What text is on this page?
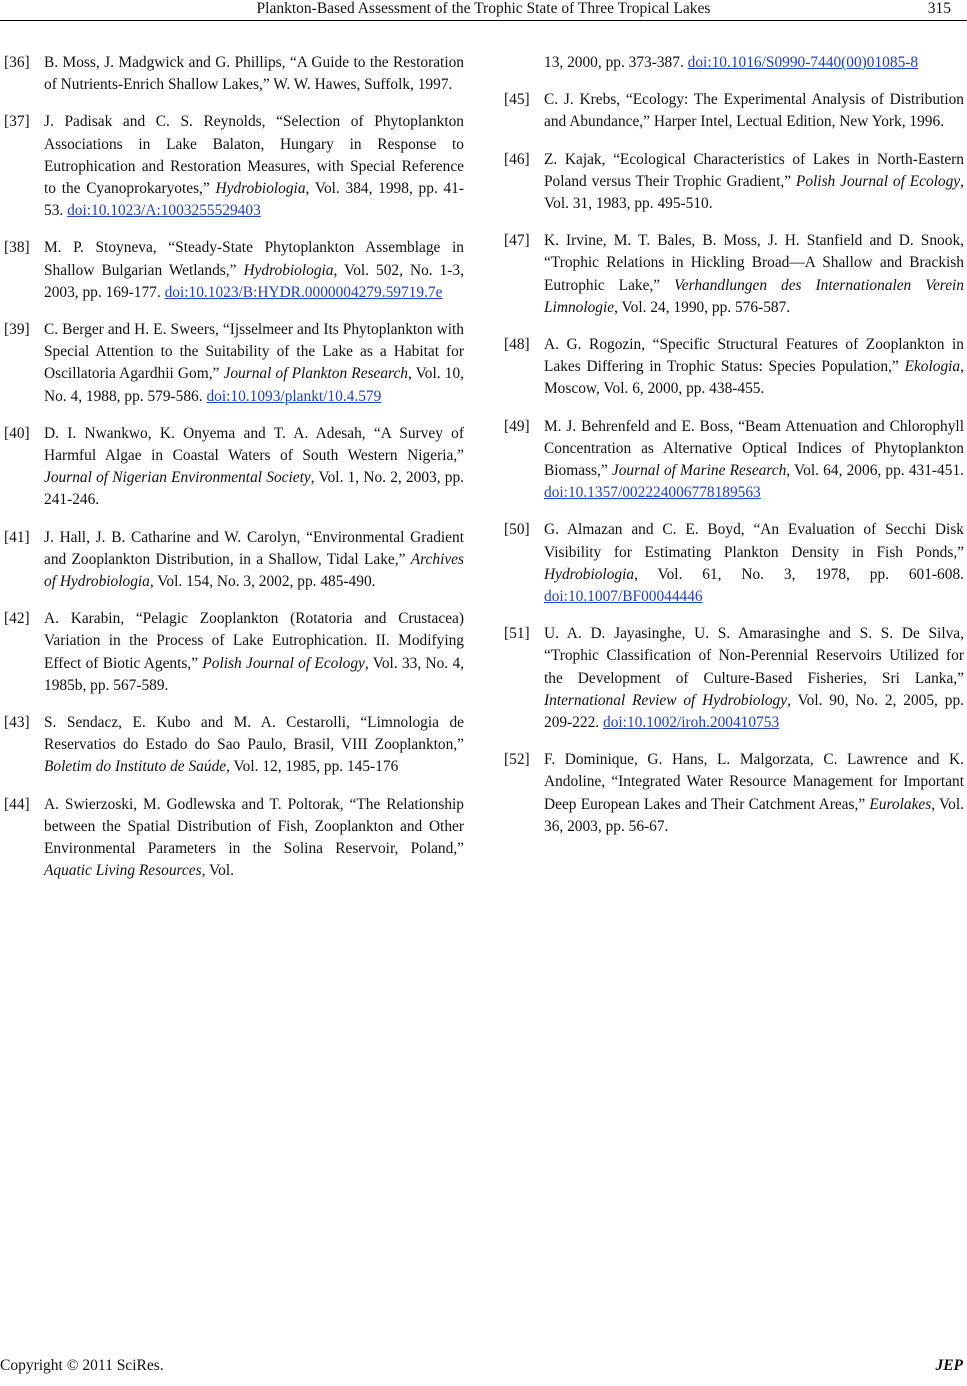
Plankton-Based Assessment of the Trophic State of Three Tropical Lakes	315
[36] B. Moss, J. Madgwick and G. Phillips, “A Guide to the Restoration of Nutrients-Enrich Shallow Lakes,” W. W. Hawes, Suffolk, 1997.
[37] J. Padisak and C. S. Reynolds, “Selection of Phytoplankton Associations in Lake Balaton, Hungary in Response to Eutrophication and Restoration Measures, with Special Reference to the Cyanoprokaryotes,” Hydrobiologia, Vol. 384, 1998, pp. 41-53. doi:10.1023/A:1003255529403
[38] M. P. Stoyneva, “Steady-State Phytoplankton Assemblage in Shallow Bulgarian Wetlands,” Hydrobiologia, Vol. 502, No. 1-3, 2003, pp. 169-177. doi:10.1023/B:HYDR.0000004279.59719.7e
[39] C. Berger and H. E. Sweers, “Ijsselmeer and Its Phytoplankton with Special Attention to the Suitability of the Lake as a Habitat for Oscillatoria Agardhii Gom,” Journal of Plankton Research, Vol. 10, No. 4, 1988, pp. 579-586. doi:10.1093/plankt/10.4.579
[40] D. I. Nwankwo, K. Onyema and T. A. Adesah, “A Survey of Harmful Algae in Coastal Waters of South Western Nigeria,” Journal of Nigerian Environmental Society, Vol. 1, No. 2, 2003, pp. 241-246.
[41] J. Hall, J. B. Catharine and W. Carolyn, “Environmental Gradient and Zooplankton Distribution, in a Shallow, Tidal Lake,” Archives of Hydrobiologia, Vol. 154, No. 3, 2002, pp. 485-490.
[42] A. Karabin, “Pelagic Zooplankton (Rotatoria and Crustacea) Variation in the Process of Lake Eutrophication. II. Modifying Effect of Biotic Agents,” Polish Journal of Ecology, Vol. 33, No. 4, 1985b, pp. 567-589.
[43] S. Sendacz, E. Kubo and M. A. Cestarolli, “Limnologia de Reservatios do Estado do Sao Paulo, Brasil, VIII Zooplankton,” Boletim do Instituto de Saúde, Vol. 12, 1985, pp. 145-176
[44] A. Swierzoski, M. Godlewska and T. Poltorak, “The Relationship between the Spatial Distribution of Fish, Zooplankton and Other Environmental Parameters in the Solina Reservoir, Poland,” Aquatic Living Resources, Vol.
13, 2000, pp. 373-387. doi:10.1016/S0990-7440(00)01085-8
[45] C. J. Krebs, “Ecology: The Experimental Analysis of Distribution and Abundance,” Harper Intel, Lectual Edition, New York, 1996.
[46] Z. Kajak, “Ecological Characteristics of Lakes in North-Eastern Poland versus Their Trophic Gradient,” Polish Journal of Ecology, Vol. 31, 1983, pp. 495-510.
[47] K. Irvine, M. T. Bales, B. Moss, J. H. Stanfield and D. Snook, “Trophic Relations in Hickling Broad—A Shallow and Brackish Eutrophic Lake,” Verhandlungen des Internationalen Verein Limnologie, Vol. 24, 1990, pp. 576-587.
[48] A. G. Rogozin, “Specific Structural Features of Zooplankton in Lakes Differing in Trophic Status: Species Population,” Ekologia, Moscow, Vol. 6, 2000, pp. 438-455.
[49] M. J. Behrenfeld and E. Boss, “Beam Attenuation and Chlorophyll Concentration as Alternative Optical Indices of Phytoplankton Biomass,” Journal of Marine Research, Vol. 64, 2006, pp. 431-451. doi:10.1357/002224006778189563
[50] G. Almazan and C. E. Boyd, “An Evaluation of Secchi Disk Visibility for Estimating Plankton Density in Fish Ponds,” Hydrobiologia, Vol. 61, No. 3, 1978, pp. 601-608. doi:10.1007/BF00044446
[51] U. A. D. Jayasinghe, U. S. Amarasinghe and S. S. De Silva, “Trophic Classification of Non-Perennial Reservoirs Utilized for the Development of Culture-Based Fisheries, Sri Lanka,” International Review of Hydrobiology, Vol. 90, No. 2, 2005, pp. 209-222. doi:10.1002/iroh.200410753
[52] F. Dominique, G. Hans, L. Malgorzata, C. Lawrence and K. Andoline, “Integrated Water Resource Management for Important Deep European Lakes and Their Catchment Areas,” Eurolakes, Vol. 36, 2003, pp. 56-67.
Copyright © 2011 SciRes.	JEP
